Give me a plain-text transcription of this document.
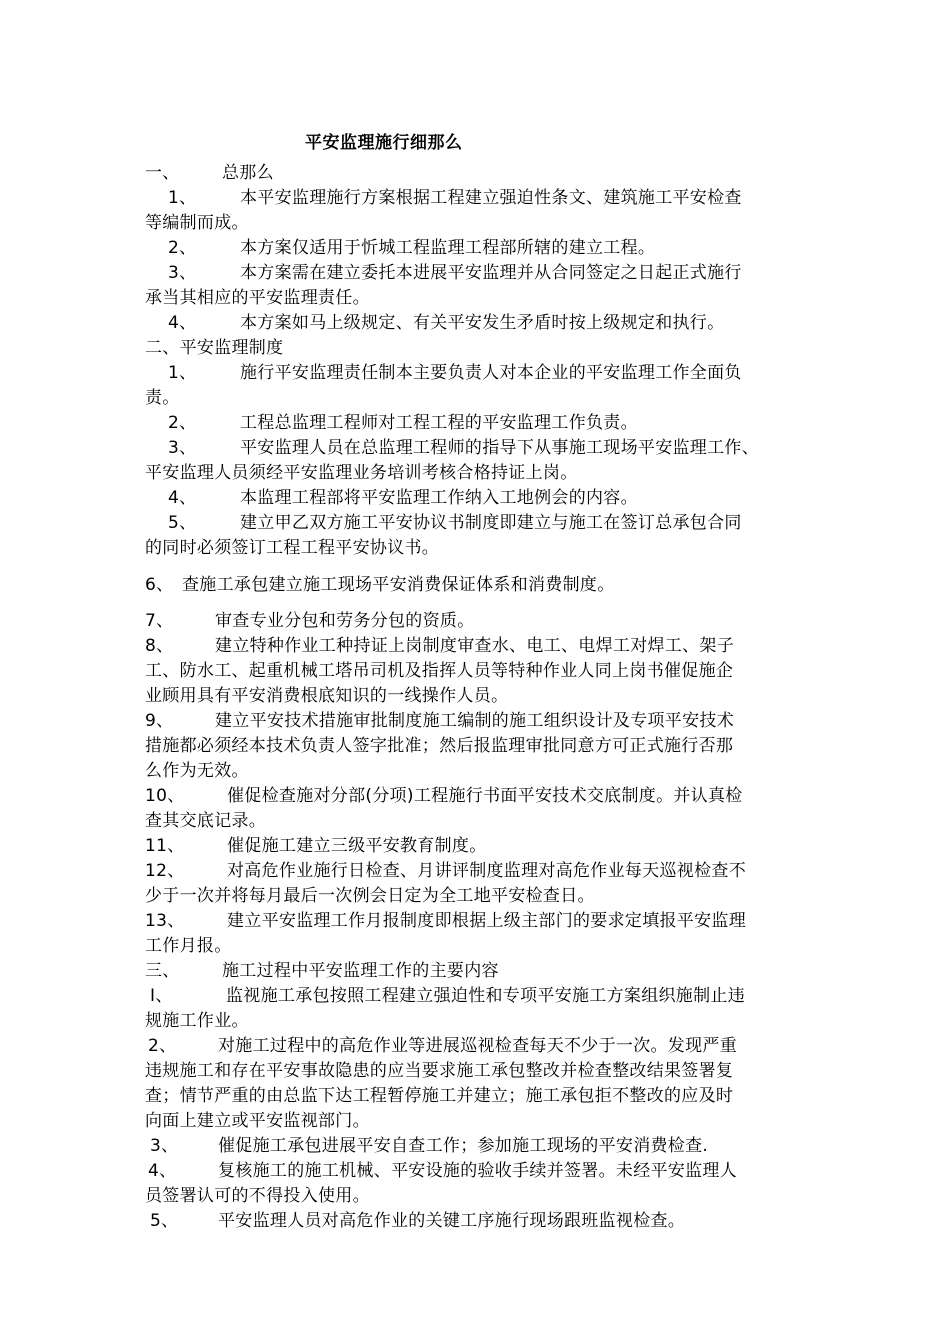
平安监理施行细那么
一、 总那么
1、	本平安监理施行方案根据工程建立强迫性条文、建筑施工平安检查
等编制而成。
2、	本方案仅适用于忻城工程监理工程部所辖的建立工程。
3、	本方案需在建立委托本进展平安监理并从合同签定之日起正式施行
承当其相应的平安监理责任。
4、	本方案如马上级规定、有关平安发生矛盾时按上级规定和执行。
二、平安监理制度
1、	施行平安监理责任制本主要负责人对本企业的平安监理工作全面负
责。
2、	工程总监理工程师对工程工程的平安监理工作负责。
3、	平安监理人员在总监理工程师的指导下从事施工现场平安监理工作、
平安监理人员须经平安监理业务培训考核合格持证上岗。
4、	本监理工程部将平安监理工作纳入工地例会的内容。
5、	建立甲乙双方施工平安协议书制度即建立与施工在签订总承包合同
的同时必须签订工程工程平安协议书。
6、 查施工承包建立施工现场平安消费保证体系和消费制度。
7、 审查专业分包和劳务分包的资质。
8、 建立特种作业工种持证上岗制度审查水、电工、电焊工对焊工、架子
工、防水工、起重机械工塔吊司机及指挥人员等特种作业人同上岗书催促施企
业顾用具有平安消费根底知识的一线操作人员。
9、 建立平安技术措施审批制度施工编制的施工组织设计及专项平安技术
措施都必须经本技术负责人签字批准；然后报监理审批同意方可正式施行否那
么作为无效。
10、 催促检查施对分部(分项)工程施行书面平安技术交底制度。并认真检
查其交底记录。
11、 催促施工建立三级平安教育制度。
12、 对高危作业施行日检查、月讲评制度监理对高危作业每天巡视检查不
少于一次并将每月最后一次例会日定为全工地平安检查日。
13、 建立平安监理工作月报制度即根据上级主部门的要求定填报平安监理
工作月报。
三、 施工过程中平安监理工作的主要内容
I、	监视施工承包按照工程建立强迫性和专项平安施工方案组织施制止违
规施工作业。
2、 对施工过程中的高危作业等进展巡视检查每天不少于一次。发现严重
违规施工和存在平安事故隐患的应当要求施工承包整改并检查整改结果签署复
查；情节严重的由总监下达工程暂停施工并建立；施工承包拒不整改的应及时
向面上建立或平安监视部门。
3、 催促施工承包进展平安自查工作；参加施工现场的平安消费检查.
4、 复核施工的施工机械、平安设施的验收手续并签署。未经平安监理人
员签署认可的不得投入使用。
5、 平安监理人员对高危作业的关键工序施行现场跟班监视检查。
